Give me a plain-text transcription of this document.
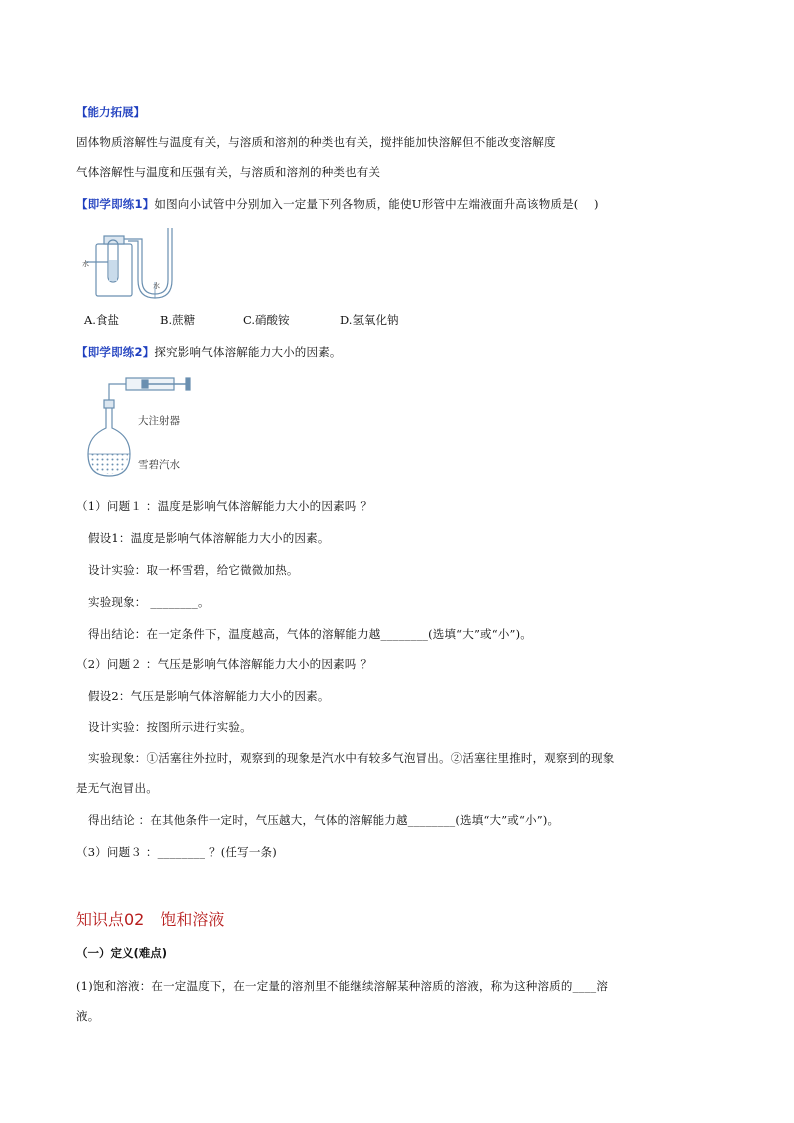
【能力拓展】
固体物质溶解性与温度有关，与溶质和溶剂的种类也有关，搅拌能加快溶解但不能改变溶解度
气体溶解性与温度和压强有关，与溶质和溶剂的种类也有关
【即学即练1】如图向小试管中分别加入一定量下列各物质，能使U形管中左端液面升高该物质是(　 )
水
水
A.食盐	B.蔗糖	C.硝酸铵	D.氢氧化钠
【即学即练2】探究影响气体溶解能力大小的因素。
大注射器
雪碧汽水
（1）问题１ ：温度是影响气体溶解能力大小的因素吗 ？
假设1：温度是影响气体溶解能力大小的因素。
设计实验：取一杯雪碧，给它微微加热。
实验现象： ________。
得出结论：在一定条件下，温度越高，气体的溶解能力越________(选填“大”或“小”)。
（2）问题２ ：气压是影响气体溶解能力大小的因素吗 ？
假设2：气压是影响气体溶解能力大小的因素。
设计实验：按图所示进行实验。
实验现象：①活塞往外拉时，观察到的现象是汽水中有较多气泡冒出。②活塞往里推时，观察到的现象
是无气泡冒出。
得出结论 ：在其他条件一定时，气压越大，气体的溶解能力越________(选填“大”或“小”)。
（3）问题３ ：________ ？(任写一条)
知识点02　饱和溶液
（一）定义(难点)
(1)饱和溶液：在一定温度下，在一定量的溶剂里不能继续溶解某种溶质的溶液，称为这种溶质的____溶
液。
